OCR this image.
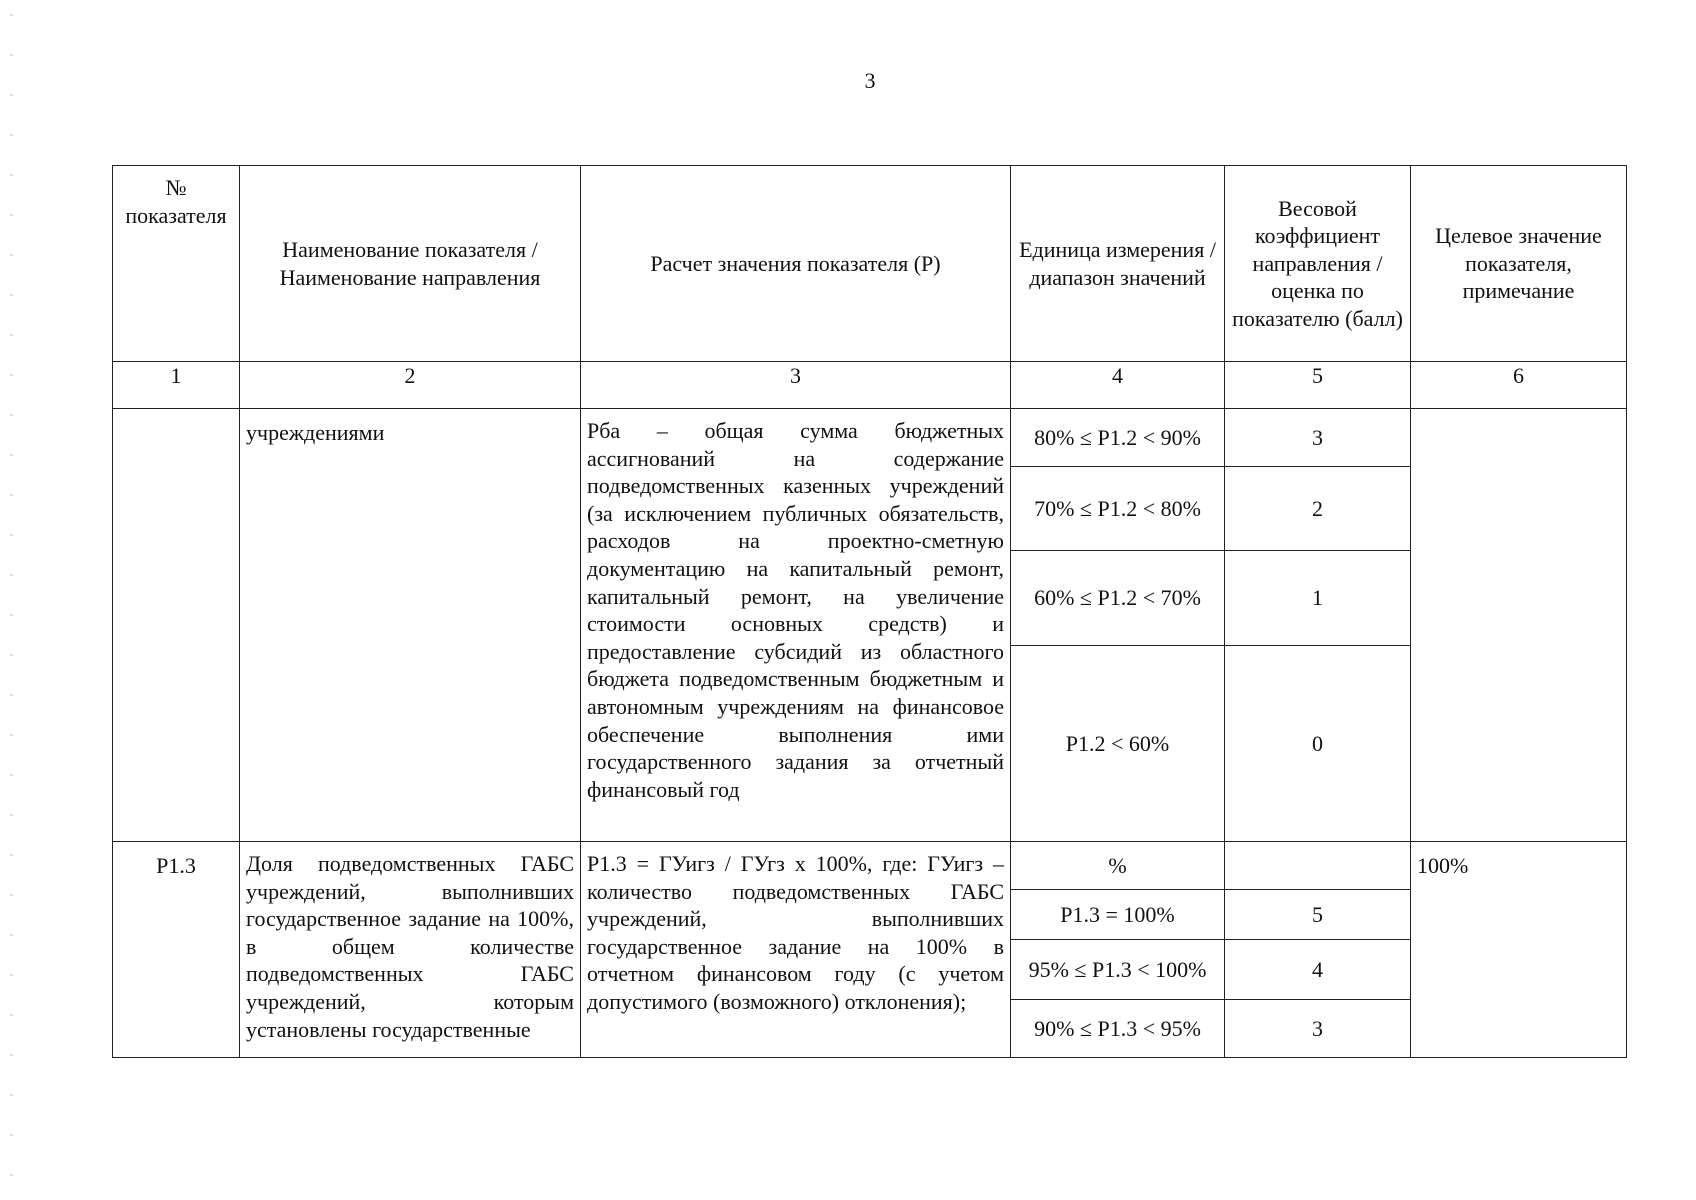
3
№ показателя	Наименование показателя / Наименование направления	Расчет значения показателя (Р)	Единица измерения / диапазон значений	Весовой коэффициент направления / оценка по показателю (балл)	Целевое значение показателя, примечание
1	2	3	4	5	6
	учреждениями	Рба – общая сумма бюджетных ассигнований на содержание подведомственных казенных учреждений (за исключением публичных обязательств, расходов на проектно-сметную документацию на капитальный ремонт, капитальный ремонт, на увеличение стоимости основных средств) и предоставление субсидий из областного бюджета подведомственным бюджетным и автономным учреждениям на финансовое обеспечение выполнения ими государственного задания за отчетный финансовый год	80% ≤ Р1.2 < 90%	3	
			70% ≤ Р1.2 < 80%	2	
			60% ≤ Р1.2 < 70%	1	
			Р1.2 < 60%	0	
Р1.3	Доля подведомственных ГАБС учреждений, выполнивших государственное задание на 100%, в общем количестве подведомственных ГАБС учреждений, которым установлены государственные	Р1.3 = ГУигз / ГУгз х 100%, где: ГУигз – количество подведомственных ГАБС учреждений, выполнивших государственное задание на 100% в отчетном финансовом году (с учетом допустимого (возможного) отклонения);	%		100%
			Р1.3 = 100%	5	
			95% ≤ Р1.3 < 100%	4	
			90% ≤ Р1.3 < 95%	3	
